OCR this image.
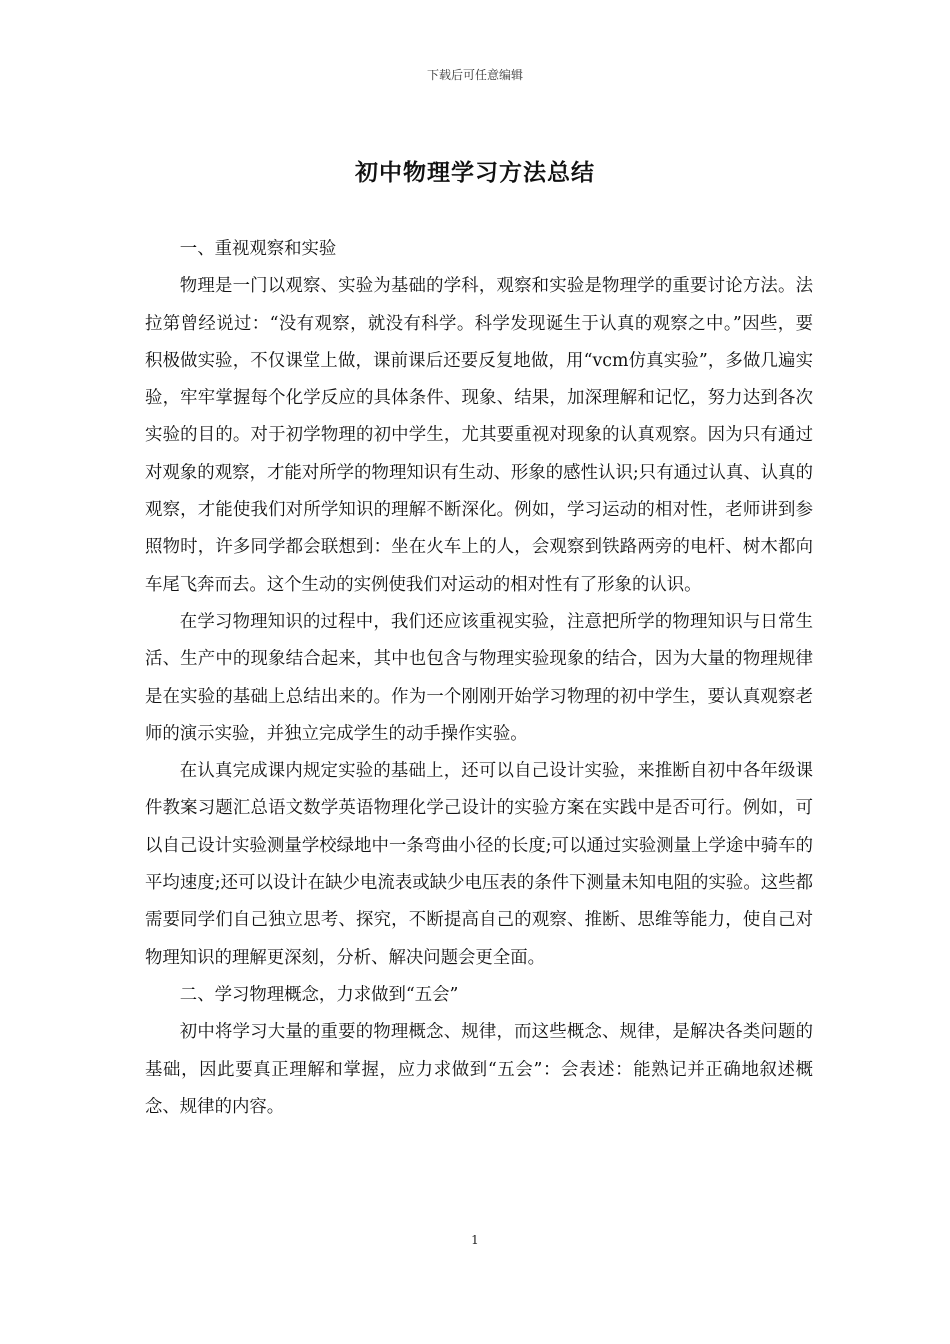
下载后可任意编辑
初中物理学习方法总结

一、重视观察和实验

物理是一门以观察、实验为基础的学科，观察和实验是物理学的重要讨论方法。法拉第曾经说过：“没有观察，就没有科学。科学发现诞生于认真的观察之中。”因些，要积极做实验，不仅课堂上做，课前课后还要反复地做，用“vcm仿真实验”，多做几遍实验，牢牢掌握每个化学反应的具体条件、现象、结果，加深理解和记忆，努力达到各次实验的目的。对于初学物理的初中学生，尤其要重视对现象的认真观察。因为只有通过对观象的观察，才能对所学的物理知识有生动、形象的感性认识;只有通过认真、认真的观察，才能使我们对所学知识的理解不断深化。例如，学习运动的相对性，老师讲到参照物时，许多同学都会联想到：坐在火车上的人，会观察到铁路两旁的电杆、树木都向车尾飞奔而去。这个生动的实例使我们对运动的相对性有了形象的认识。

在学习物理知识的过程中，我们还应该重视实验，注意把所学的物理知识与日常生活、生产中的现象结合起来，其中也包含与物理实验现象的结合，因为大量的物理规律是在实验的基础上总结出来的。作为一个刚刚开始学习物理的初中学生，要认真观察老师的演示实验，并独立完成学生的动手操作实验。

在认真完成课内规定实验的基础上，还可以自己设计实验，来推断自初中各年级课件教案习题汇总语文数学英语物理化学己设计的实验方案在实践中是否可行。例如，可以自己设计实验测量学校绿地中一条弯曲小径的长度;可以通过实验测量上学途中骑车的平均速度;还可以设计在缺少电流表或缺少电压表的条件下测量未知电阻的实验。这些都需要同学们自己独立思考、探究，不断提高自己的观察、推断、思维等能力，使自己对物理知识的理解更深刻，分析、解决问题会更全面。

二、学习物理概念，力求做到“五会”

初中将学习大量的重要的物理概念、规律，而这些概念、规律，是解决各类问题的基础，因此要真正理解和掌握，应力求做到“五会”：会表述：能熟记并正确地叙述概念、规律的内容。

1
